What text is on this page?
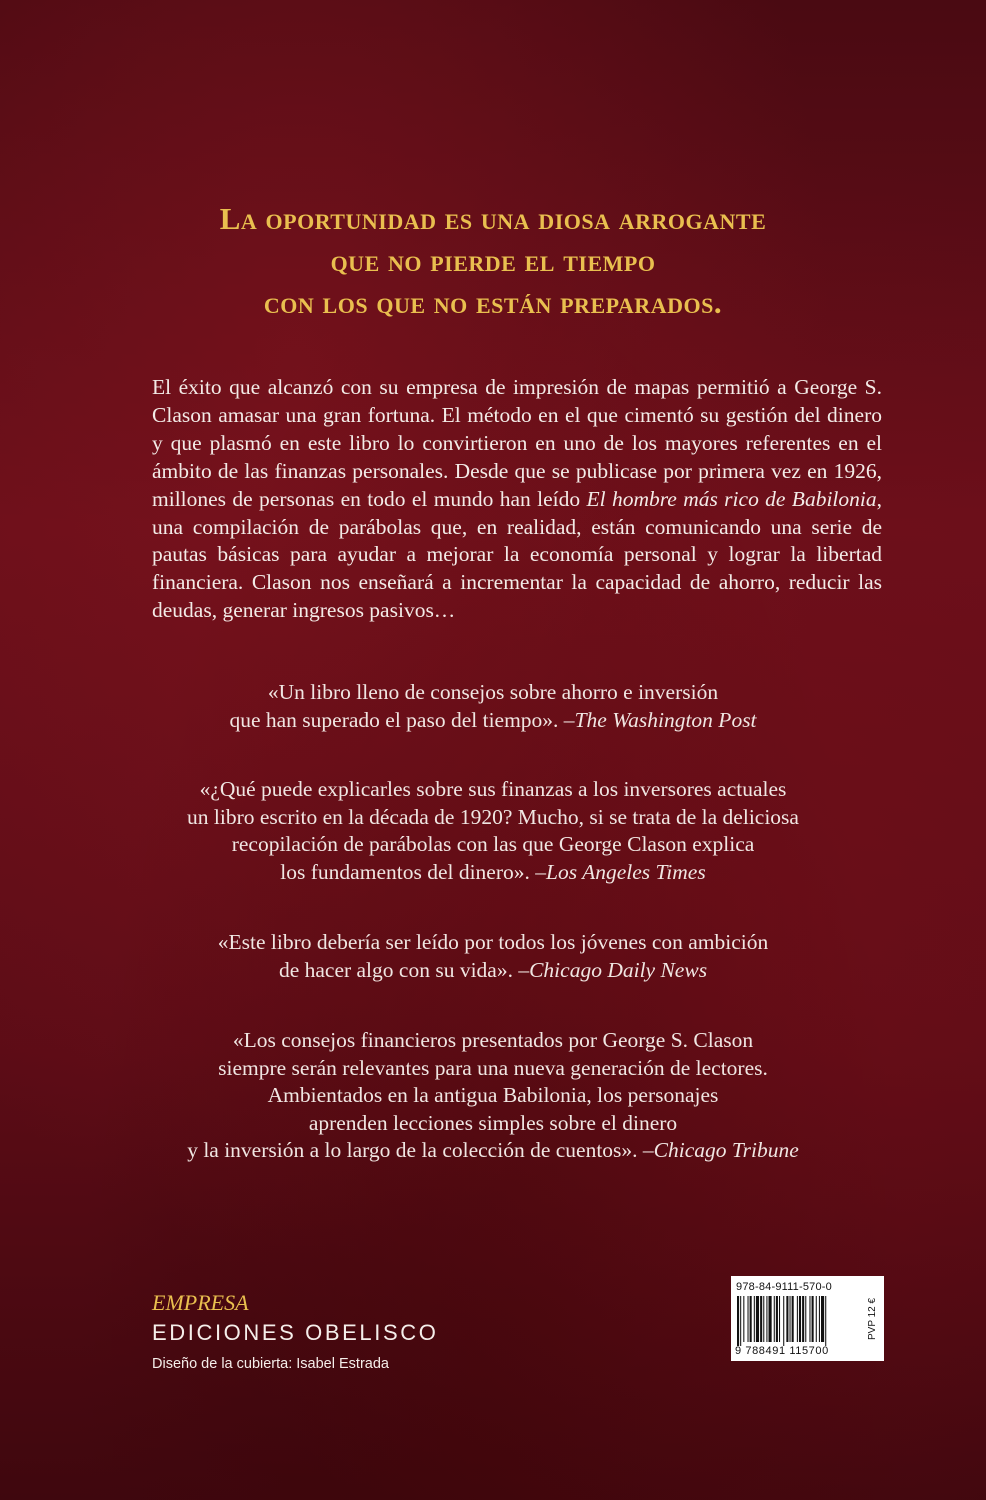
La oportunidad es una diosa arrogante
que no pierde el tiempo
con los que no están preparados.
El éxito que alcanzó con su empresa de impresión de mapas permitió a George S. Clason amasar una gran fortuna. El método en el que cimentó su gestión del dinero y que plasmó en este libro lo convirtieron en uno de los mayores referentes en el ámbito de las finanzas personales. Desde que se publicase por primera vez en 1926, millones de personas en todo el mundo han leído El hombre más rico de Babilonia, una compilación de parábolas que, en realidad, están comunicando una serie de pautas básicas para ayudar a mejorar la economía personal y lograr la libertad financiera. Clason nos enseñará a incrementar la capacidad de ahorro, reducir las deudas, generar ingresos pasivos…
«Un libro lleno de consejos sobre ahorro e inversión
que han superado el paso del tiempo». –The Washington Post
«¿Qué puede explicarles sobre sus finanzas a los inversores actuales
un libro escrito en la década de 1920? Mucho, si se trata de la deliciosa
recopilación de parábolas con las que George Clason explica
los fundamentos del dinero». –Los Angeles Times
«Este libro debería ser leído por todos los jóvenes con ambición
de hacer algo con su vida». –Chicago Daily News
«Los consejos financieros presentados por George S. Clason
siempre serán relevantes para una nueva generación de lectores.
Ambientados en la antigua Babilonia, los personajes
aprenden lecciones simples sobre el dinero
y la inversión a lo largo de la colección de cuentos». –Chicago Tribune
EMPRESA
EDICIONES OBELISCO
Diseño de la cubierta: Isabel Estrada
978-84-9111-570-0
9 788491 115700
PVP 12 €
